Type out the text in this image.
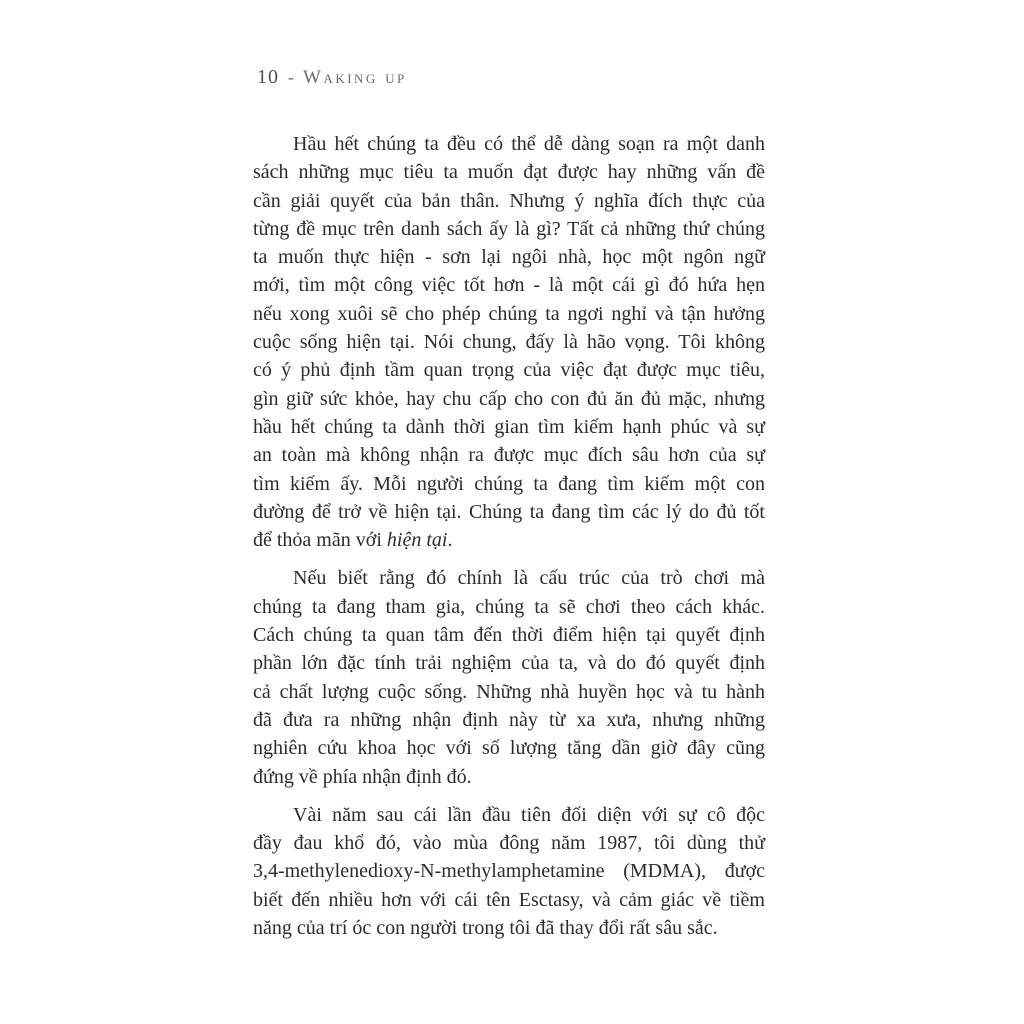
10 - Waking up
Hầu hết chúng ta đều có thể dễ dàng soạn ra một danh
sách những mục tiêu ta muốn đạt được hay những vấn đề
cần giải quyết của bản thân. Nhưng ý nghĩa đích thực của
từng đề mục trên danh sách ấy là gì? Tất cả những thứ chúng
ta muốn thực hiện - sơn lại ngôi nhà, học một ngôn ngữ
mới, tìm một công việc tốt hơn - là một cái gì đó hứa hẹn
nếu xong xuôi sẽ cho phép chúng ta ngơi nghỉ và tận hưởng
cuộc sống hiện tại. Nói chung, đấy là hão vọng. Tôi không
có ý phủ định tầm quan trọng của việc đạt được mục tiêu,
gìn giữ sức khỏe, hay chu cấp cho con đủ ăn đủ mặc, nhưng
hầu hết chúng ta dành thời gian tìm kiếm hạnh phúc và sự
an toàn mà không nhận ra được mục đích sâu hơn của sự
tìm kiếm ấy. Mỗi người chúng ta đang tìm kiếm một con
đường để trở về hiện tại. Chúng ta đang tìm các lý do đủ tốt
để thỏa mãn với hiện tại.
Nếu biết rằng đó chính là cấu trúc của trò chơi mà
chúng ta đang tham gia, chúng ta sẽ chơi theo cách khác.
Cách chúng ta quan tâm đến thời điểm hiện tại quyết định
phần lớn đặc tính trải nghiệm của ta, và do đó quyết định
cả chất lượng cuộc sống. Những nhà huyền học và tu hành
đã đưa ra những nhận định này từ xa xưa, nhưng những
nghiên cứu khoa học với số lượng tăng dần giờ đây cũng
đứng về phía nhận định đó.
Vài năm sau cái lần đầu tiên đối diện với sự cô độc
đầy đau khổ đó, vào mùa đông năm 1987, tôi dùng thử
3,4-methylenedioxy-N-methylamphetamine (MDMA), được
biết đến nhiều hơn với cái tên Esctasy, và cảm giác về tiềm
năng của trí óc con người trong tôi đã thay đổi rất sâu sắc.
